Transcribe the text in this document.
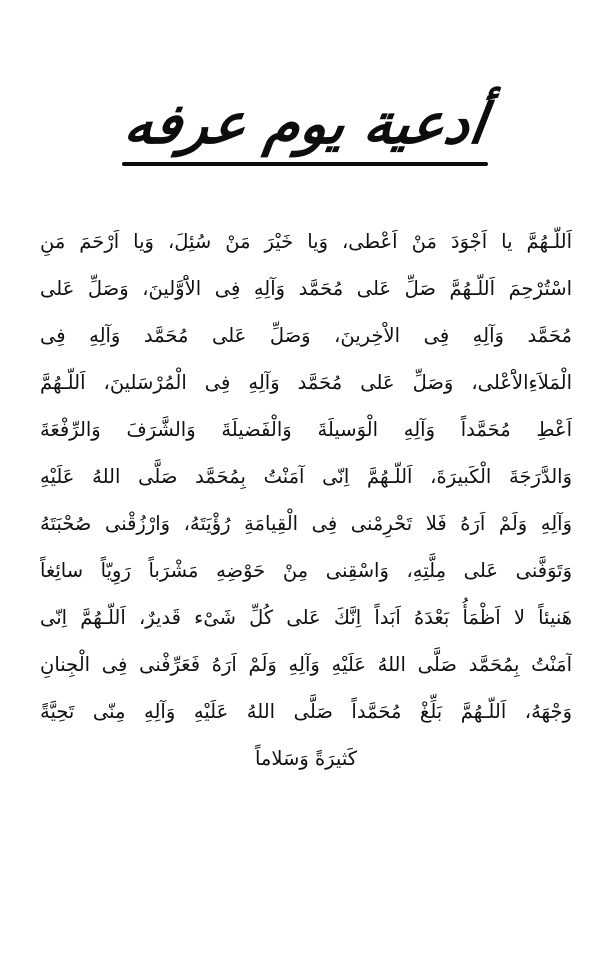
أدعية يوم عرفه
اَللّـهُمَّ يا اَجْوَدَ مَنْ اَعْطى، وَيا خَيْرَ مَنْ سُئِلَ، وَيا اَرْحَمَ مَنِ
اسْتُرْحِمَ اَللّـهُمَّ صَلِّ عَلى مُحَمَّد وَآلِهِ فِى الاَْوَّلينَ، وَصَلِّ عَلى
مُحَمَّد وَآلِهِ فِى الاْخِرينَ، وَصَلِّ عَلى مُحَمَّد وَآلِهِ فِى
الْمَلاَءِالاَْعْلى، وَصَلِّ عَلى مُحَمَّد وَآلِهِ فِى الْمُرْسَلينَ، اَللّـهُمَّ
اَعْطِ مُحَمَّداً وَآلِهِ الْوَسيلَةَ وَالْفَضيلَةَ وَالشَّرَفَ وَالرِّفْعَةَ
وَالدَّرَجَةَ الْكَبيرَةَ، اَللّـهُمَّ اِنّى آمَنْتُ بِمُحَمَّد صَلَّى اللهُ عَلَيْهِ
وَآلِهِ وَلَمْ اَرَهُ فَلا تَحْرِمْنى فِى الْقِيامَةِ رُؤْيَتَهُ، وَارْزُقْنى صُحْبَتَهُ
وَتَوَفَّنى عَلى مِلَّتِهِ، وَاسْقِنى مِنْ حَوْضِهِ مَشْرَباً رَوِيّاً سائِغاً
هَنيئاً لا اَظْمَأُ بَعْدَهُ اَبَداً اِنَّكَ عَلى كُلِّ شَىْء قَديرٌ، اَللّـهُمَّ اِنّى
آمَنْتُ بِمُحَمَّد صَلَّى اللهُ عَلَيْهِ وَآلِهِ وَلَمْ اَرَهُ فَعَرِّفْنى فِى الْجِنانِ
وَجْهَهُ، اَللّـهُمَّ بَلِّغْ مُحَمَّداً صَلَّى اللهُ عَلَيْهِ وَآلِهِ مِنّى تَحِيَّةً
كَثيرَةً وَسَلاماً
